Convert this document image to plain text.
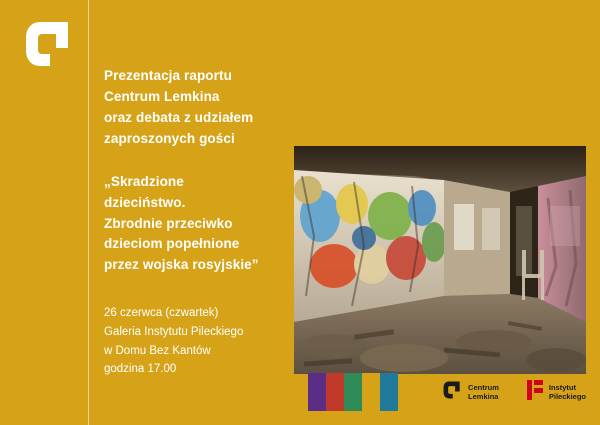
Prezentacja raportu
Centrum Lemkina
oraz debata z udziałem
zaproszonych gości
„Skradzione
dzieciństwo.
Zbrodnie przeciwko
dzieciom popełnione
przez wojska rosyjskie”
26 czerwca (czwartek)
Galeria Instytutu Pileckiego
w Domu Bez Kantów
godzina 17.00
Centrum
Lemkina
Instytut
Pileckiego
